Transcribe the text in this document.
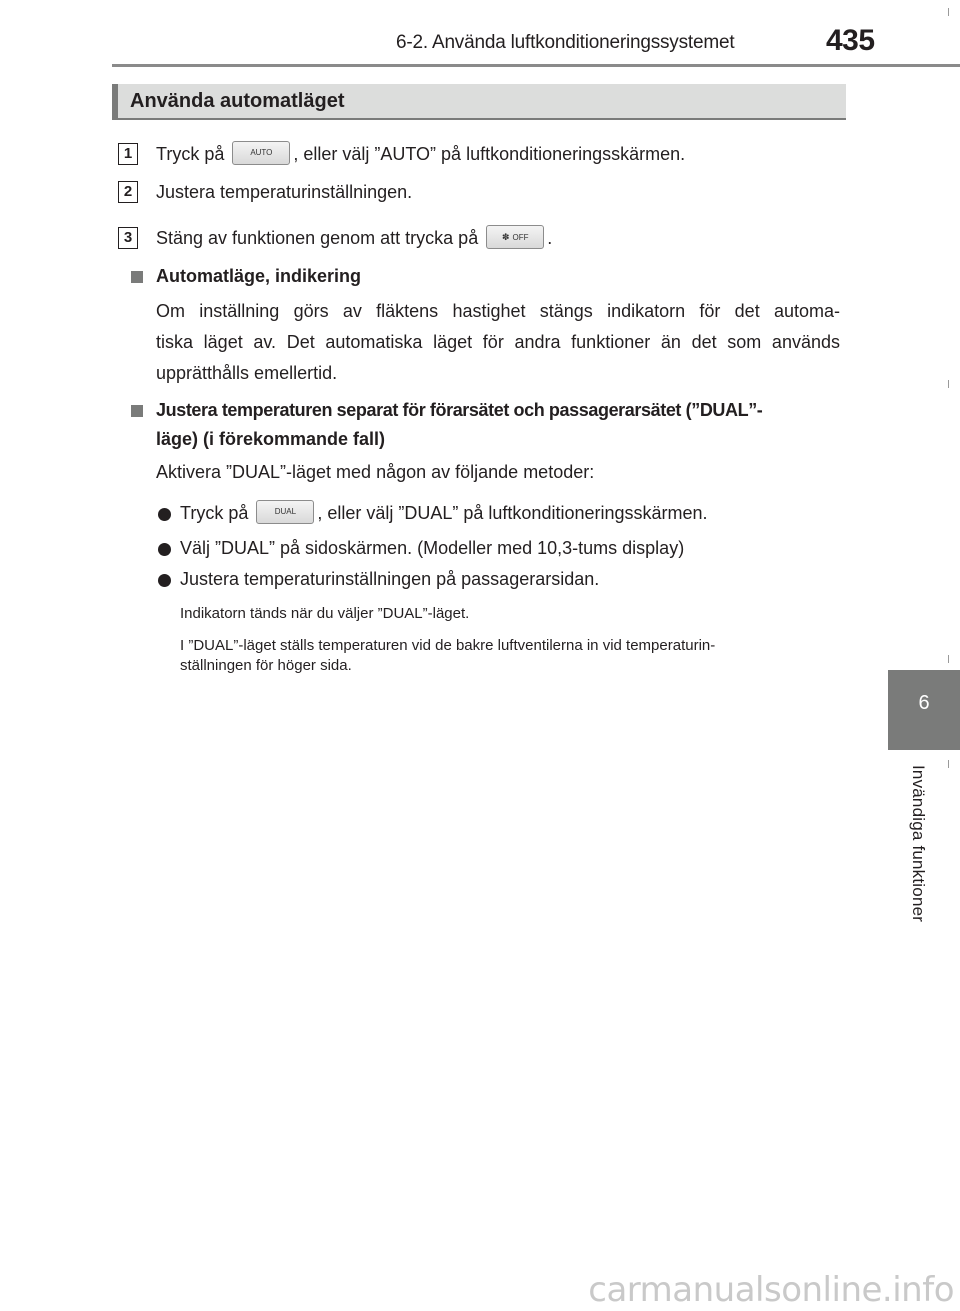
6-2. Använda luftkonditioneringssystemet	435
Använda automatläget
1	Tryck på	AUTO , eller välj ”AUTO” på luftkonditioneringsskärmen.
2	Justera temperaturinställningen.
3	Stäng av funktionen genom att trycka på ✽ OFF .
Automatläge, indikering
Om inställning görs av fläktens hastighet stängs indikatorn för det automa-
tiska läget av. Det automatiska läget för andra funktioner än det som används
upprätthålls emellertid.
Justera temperaturen separat för förarsätet och passagerarsätet (”DUAL”-
läge) (i förekommande fall)
Aktivera ”DUAL”-läget med någon av följande metoder:
Tryck på	DUAL , eller välj ”DUAL” på luftkonditioneringsskärmen.
Välj ”DUAL” på sidoskärmen. (Modeller med 10,3-tums display)
Justera temperaturinställningen på passagerarsidan.
Indikatorn tänds när du väljer ”DUAL”-läget.
I ”DUAL”-läget ställs temperaturen vid de bakre luftventilerna in vid temperaturin-
ställningen för höger sida.
6
Invändiga funktioner
carmanualsonline.info
